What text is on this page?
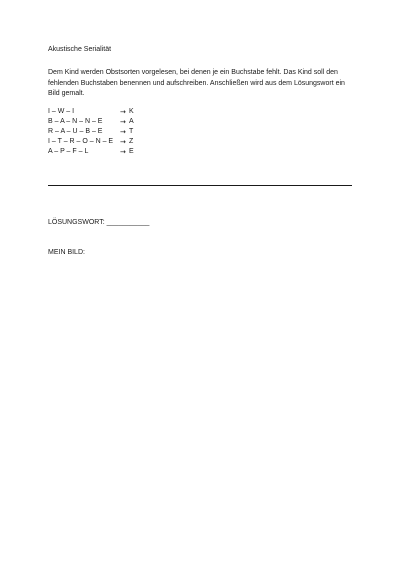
Akustische Serialität

Dem Kind werden Obstsorten vorgelesen, bei denen je ein Buchstabe fehlt. Das Kind soll den fehlenden Buchstaben benennen und aufschreiben. Anschließen wird aus dem Lösungswort ein Bild gemalt.

I – W – I	→ K
B – A – N – N – E	→ A
R – A – U – B – E	→ T
I – T – R – O – N – E → Z
A – P – F – L	→ E
LÖSUNGSWORT: ___________
MEIN BILD:
